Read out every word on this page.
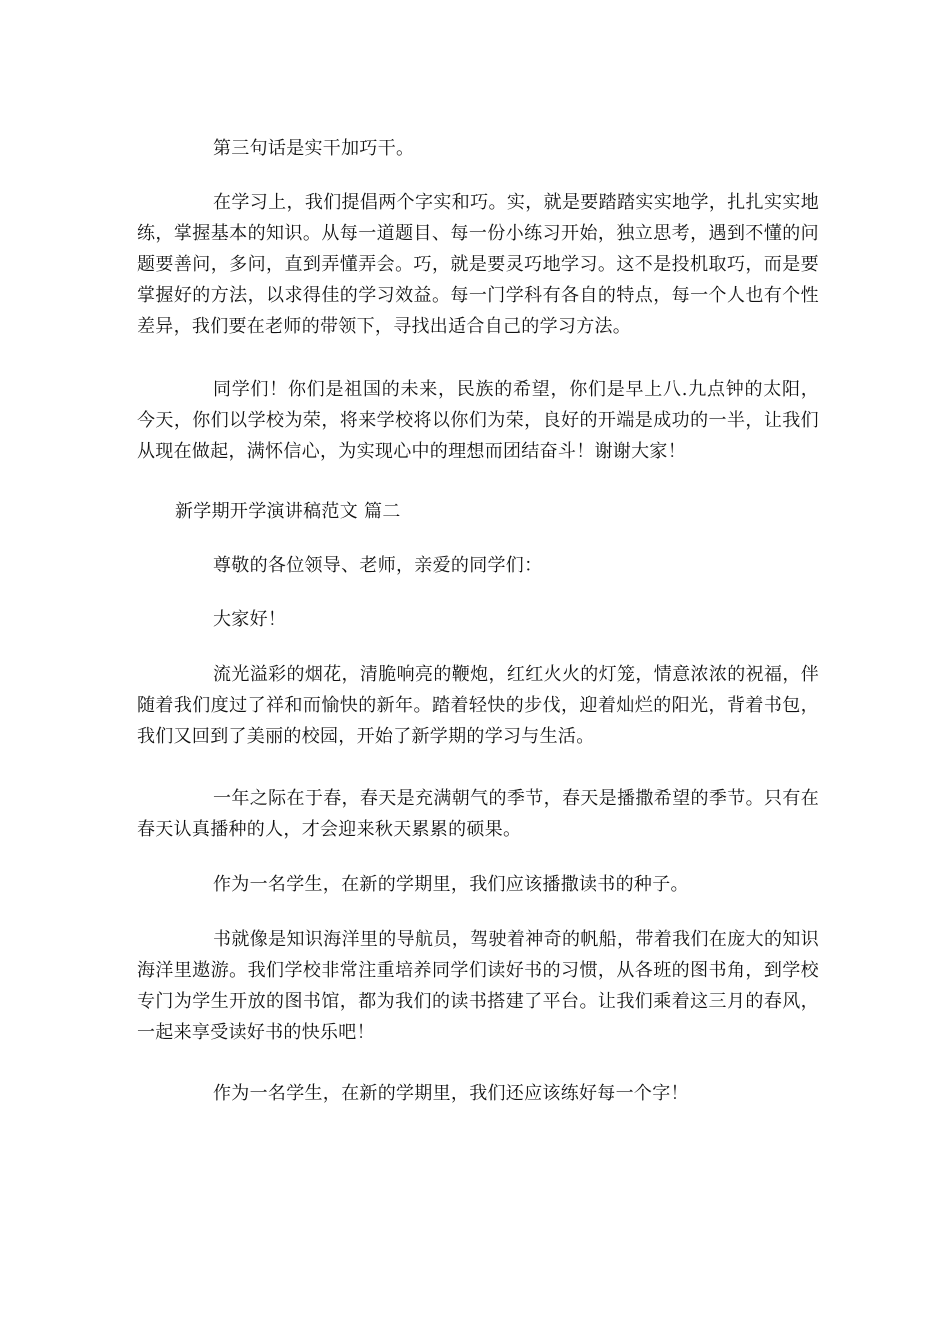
第三句话是实干加巧干。

在学习上，我们提倡两个字实和巧。实，就是要踏踏实实地学，扎扎实实地练，掌握基本的知识。从每一道题目、每一份小练习开始，独立思考，遇到不懂的问题要善问，多问，直到弄懂弄会。巧，就是要灵巧地学习。这不是投机取巧，而是要掌握好的方法，以求得佳的学习效益。每一门学科有各自的特点，每一个人也有个性差异，我们要在老师的带领下，寻找出适合自己的学习方法。

同学们！你们是祖国的未来，民族的希望，你们是早上八.九点钟的太阳，今天，你们以学校为荣，将来学校将以你们为荣，良好的开端是成功的一半，让我们从现在做起，满怀信心，为实现心中的理想而团结奋斗！谢谢大家！

新学期开学演讲稿范文 篇二

尊敬的各位领导、老师，亲爱的同学们：

大家好！

流光溢彩的烟花，清脆响亮的鞭炮，红红火火的灯笼，情意浓浓的祝福，伴随着我们度过了祥和而愉快的新年。踏着轻快的步伐，迎着灿烂的阳光，背着书包，我们又回到了美丽的校园，开始了新学期的学习与生活。

一年之际在于春，春天是充满朝气的季节，春天是播撒希望的季节。只有在春天认真播种的人，才会迎来秋天累累的硕果。

作为一名学生，在新的学期里，我们应该播撒读书的种子。

书就像是知识海洋里的导航员，驾驶着神奇的帆船，带着我们在庞大的知识海洋里遨游。我们学校非常注重培养同学们读好书的习惯，从各班的图书角，到学校专门为学生开放的图书馆，都为我们的读书搭建了平台。让我们乘着这三月的春风，一起来享受读好书的快乐吧！

作为一名学生，在新的学期里，我们还应该练好每一个字！
